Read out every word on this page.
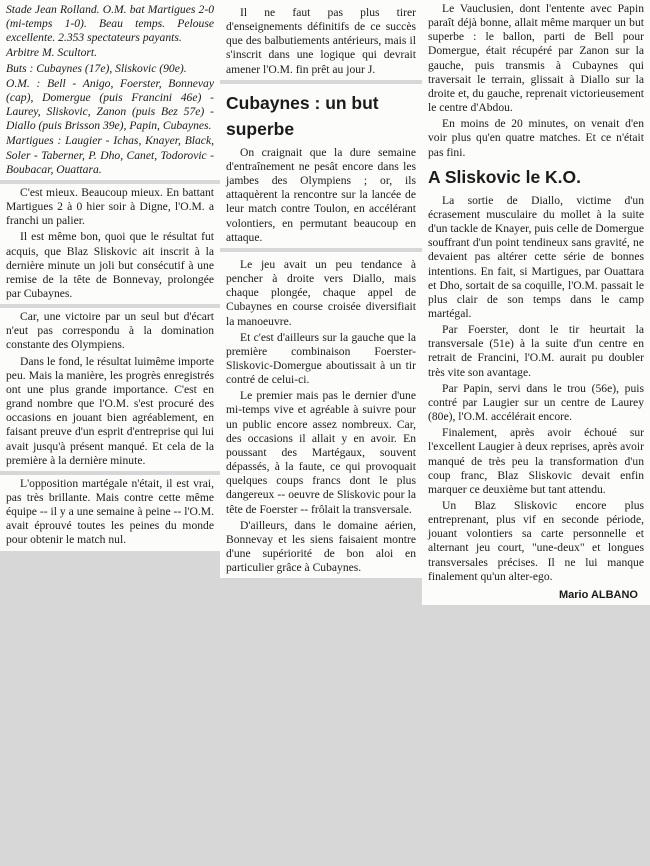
Stade Jean Rolland. O.M. bat Martigues 2-0 (mi-temps 1-0). Beau temps. Pelouse excellente. 2.353 spectateurs payants.

Arbitre M. Scultort.

Buts : Cubaynes (17e), Sliskovic (90e).

O.M. : Bell - Anigo, Foerster, Bonnevay (cap), Domergue (puis Francini 46e) - Laurey, Sliskovic, Zanon (puis Bez 57e) - Diallo (puis Brisson 39e), Papin, Cubaynes.

Martigues : Laugier - Ichas, Knayer, Black, Soler - Taberner, P. Dho, Canet, Todorovic - Boubacar, Ouattara.

C'est mieux. Beaucoup mieux. En battant Martigues 2 à 0 hier soir à Digne, l'O.M. a franchi un palier.

Il est même bon, quoi que le résultat fut acquis, que Blaz Sliskovic ait inscrit à la dernière minute un joli but consécutif à une remise de la tête de Bonnevay, prolongée par Cubaynes.

Car, une victoire par un seul but d'écart n'eut pas correspondu à la domination constante des Olympiens.

Dans le fond, le résultat luimême importe peu. Mais la manière, les progrès enregistrés ont une plus grande importance. C'est en grand nombre que l'O.M. s'est procuré des occasions en jouant bien agréablement, en faisant preuve d'un esprit d'entreprise qui lui avait jusqu'à présent manqué. Et cela de la première à la dernière minute.

L'opposition martégale n'était, il est vrai, pas très brillante. Mais contre cette même équipe -- il y a une semaine à peine -- l'O.M. avait éprouvé toutes les peines du monde pour obtenir le match nul.

Il ne faut pas plus tirer d'enseignements définitifs de ce succès que des balbutiements antérieurs, mais il s'inscrit dans une logique qui devrait amener l'O.M. fin prêt au jour J.

Cubaynes : un but superbe

On craignait que la dure semaine d'entraînement ne pesât encore dans les jambes des Olympiens ; or, ils attaquèrent la rencontre sur la lancée de leur match contre Toulon, en accélérant volontiers, en permutant beaucoup en attaque.

Le jeu avait un peu tendance à pencher à droite vers Diallo, mais chaque plongée, chaque appel de Cubaynes en course croisée diversifiait la manoeuvre.

Et c'est d'ailleurs sur la gauche que la première combinaison Foerster-Sliskovic-Domergue aboutissait à un tir contré de celui-ci.

Le premier mais pas le dernier d'une mi-temps vive et agréable à suivre pour un public encore assez nombreux. Car, des occasions il allait y en avoir. En poussant des Martégaux, souvent dépassés, à la faute, ce qui provoquait quelques coups francs dont le plus dangereux -- oeuvre de Sliskovic pour la tête de Foerster -- frôlait la transversale.

D'ailleurs, dans le domaine aérien, Bonnevay et les siens faisaient montre d'une supériorité de bon aloi en particulier grâce à Cubaynes.

Le Vauclusien, dont l'entente avec Papin paraît déjà bonne, allait même marquer un but superbe : le ballon, parti de Bell pour Domergue, était récupéré par Zanon sur la gauche, puis transmis à Cubaynes qui traversait le terrain, glissait à Diallo sur la droite et, du gauche, reprenait victorieusement le centre d'Abdou.

En moins de 20 minutes, on venait d'en voir plus qu'en quatre matches. Et ce n'était pas fini.

A Sliskovic le K.O.

La sortie de Diallo, victime d'un écrasement musculaire du mollet à la suite d'un tackle de Knayer, puis celle de Domergue souffrant d'un point tendineux sans gravité, ne devaient pas altérer cette série de bonnes intentions. En fait, si Martigues, par Ouattara et Dho, sortait de sa coquille, l'O.M. passait le plus clair de son temps dans le camp martégal.

Par Foerster, dont le tir heurtait la transversale (51e) à la suite d'un centre en retrait de Francini, l'O.M. aurait pu doubler très vite son avantage.

Par Papin, servi dans le trou (56e), puis contré par Laugier sur un centre de Laurey (80e), l'O.M. accélérait encore.

Finalement, après avoir échoué sur l'excellent Laugier à deux reprises, après avoir manqué de très peu la transformation d'un coup franc, Blaz Sliskovic devait enfin marquer ce deuxième but tant attendu.

Un Blaz Sliskovic encore plus entreprenant, plus vif en seconde période, jouant volontiers sa carte personnelle et alternant jeu court, "une-deux" et longues transversales précises. Il ne lui manque finalement qu'un alter-ego.

Mario ALBANO
